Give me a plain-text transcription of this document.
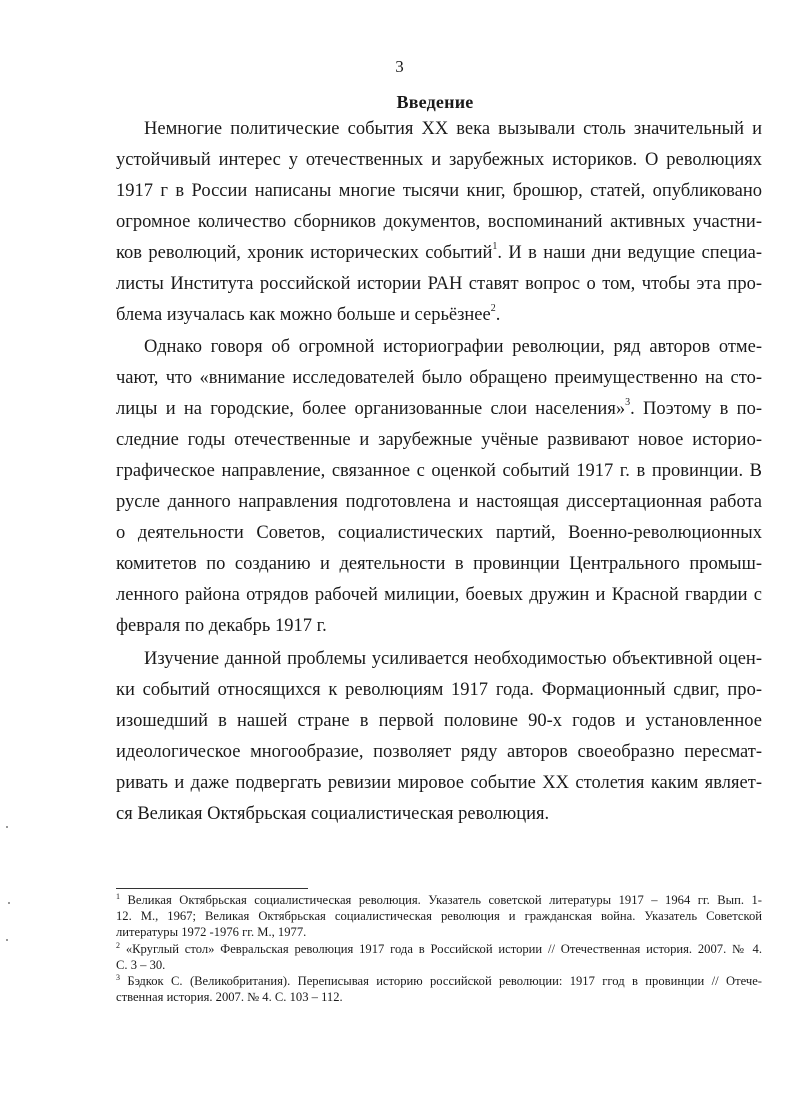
3
Введение
Немногие политические события XX века вызывали столь значительный и
устойчивый интерес у отечественных и зарубежных историков. О революциях
1917 г в России написаны многие тысячи книг, брошюр, статей, опубликовано
огромное количество сборников документов, воспоминаний активных участни-
ков революций, хроник исторических событий$^1$. И в наши дни ведущие специа-
листы Института российской истории РАН ставят вопрос о том, чтобы эта про-
блема изучалась как можно больше и серьёзнее$^2$.
Однако говоря об огромной историографии революции, ряд авторов отме-
чают, что «внимание исследователей было обращено преимущественно на сто-
лицы и на городские, более организованные слои населения»$^3$. Поэтому в по-
следние годы отечественные и зарубежные учёные развивают новое историо-
графическое направление, связанное с оценкой событий 1917 г. в провинции. В
русле данного направления подготовлена и настоящая диссертационная работа
о деятельности Советов, социалистических партий, Военно-революционных
комитетов по созданию и деятельности в провинции Центрального промыш-
ленного района отрядов рабочей милиции, боевых дружин и Красной гвардии с
февраля по декабрь 1917 г.
Изучение данной проблемы усиливается необходимостью объективной оцен-
ки событий относящихся к революциям 1917 года. Формационный сдвиг, про-
изошедший в нашей стране в первой половине 90-х годов и установленное
идеологическое многообразие, позволяет ряду авторов своеобразно пересмат-
ривать и даже подвергать ревизии мировое событие XX столетия каким являет-
ся Великая Октябрьская социалистическая революция.
$^1$ Великая Октябрьская социалистическая революция. Указатель советской литературы 1917 – 1964 гг. Вып. 1-
12. М., 1967; Великая Октябрьская социалистическая революция и гражданская война. Указатель Советской
литературы 1972 -1976 гг. М., 1977.
$^2$ «Круглый стол» Февральская революция 1917 года в Российской истории // Отечественная история. 2007. № 4.
С. 3 – 30.
$^3$ Бэдкок С. (Великобритания). Переписывая историю российской революции: 1917 ггод в провинции // Отече-
ственная история. 2007. № 4. С. 103 – 112.
